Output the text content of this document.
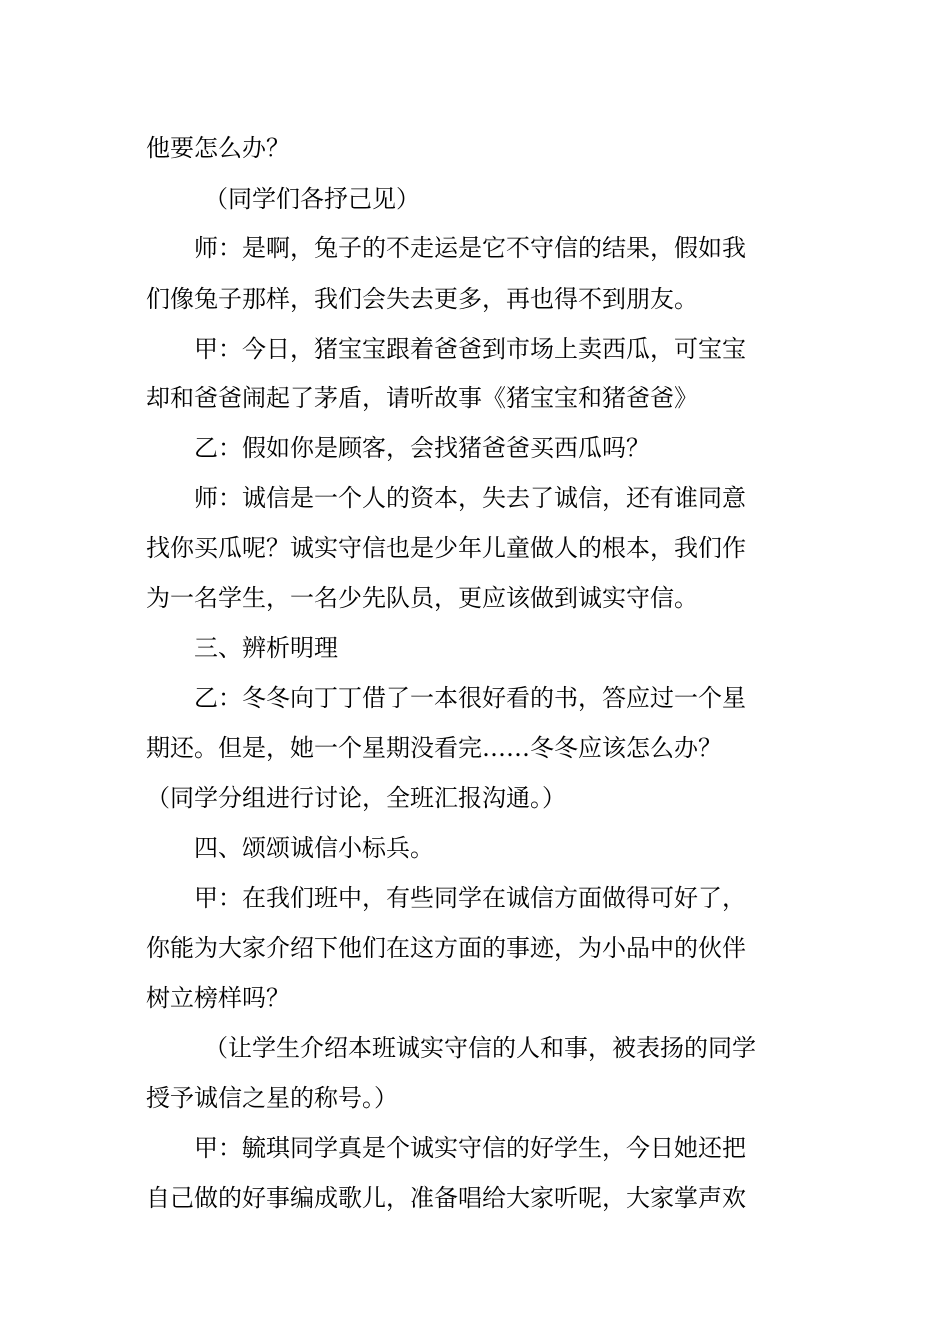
他要怎么办？
（同学们各抒己见）
师：是啊，兔子的不走运是它不守信的结果，假如我
们像兔子那样，我们会失去更多，再也得不到朋友。
甲：今日，猪宝宝跟着爸爸到市场上卖西瓜，可宝宝
却和爸爸闹起了茅盾，请听故事《猪宝宝和猪爸爸》
乙：假如你是顾客，会找猪爸爸买西瓜吗？
师：诚信是一个人的资本，失去了诚信，还有谁同意
找你买瓜呢？诚实守信也是少年儿童做人的根本，我们作
为一名学生，一名少先队员，更应该做到诚实守信。
三、辨析明理
乙：冬冬向丁丁借了一本很好看的书，答应过一个星
期还。但是，她一个星期没看完……冬冬应该怎么办？
（同学分组进行讨论，全班汇报沟通。）
四、颂颂诚信小标兵。
甲：在我们班中，有些同学在诚信方面做得可好了，
你能为大家介绍下他们在这方面的事迹，为小品中的伙伴
树立榜样吗？
（让学生介绍本班诚实守信的人和事，被表扬的同学
授予诚信之星的称号。）
甲：毓琪同学真是个诚实守信的好学生，今日她还把
自己做的好事编成歌儿，准备唱给大家听呢，大家掌声欢
